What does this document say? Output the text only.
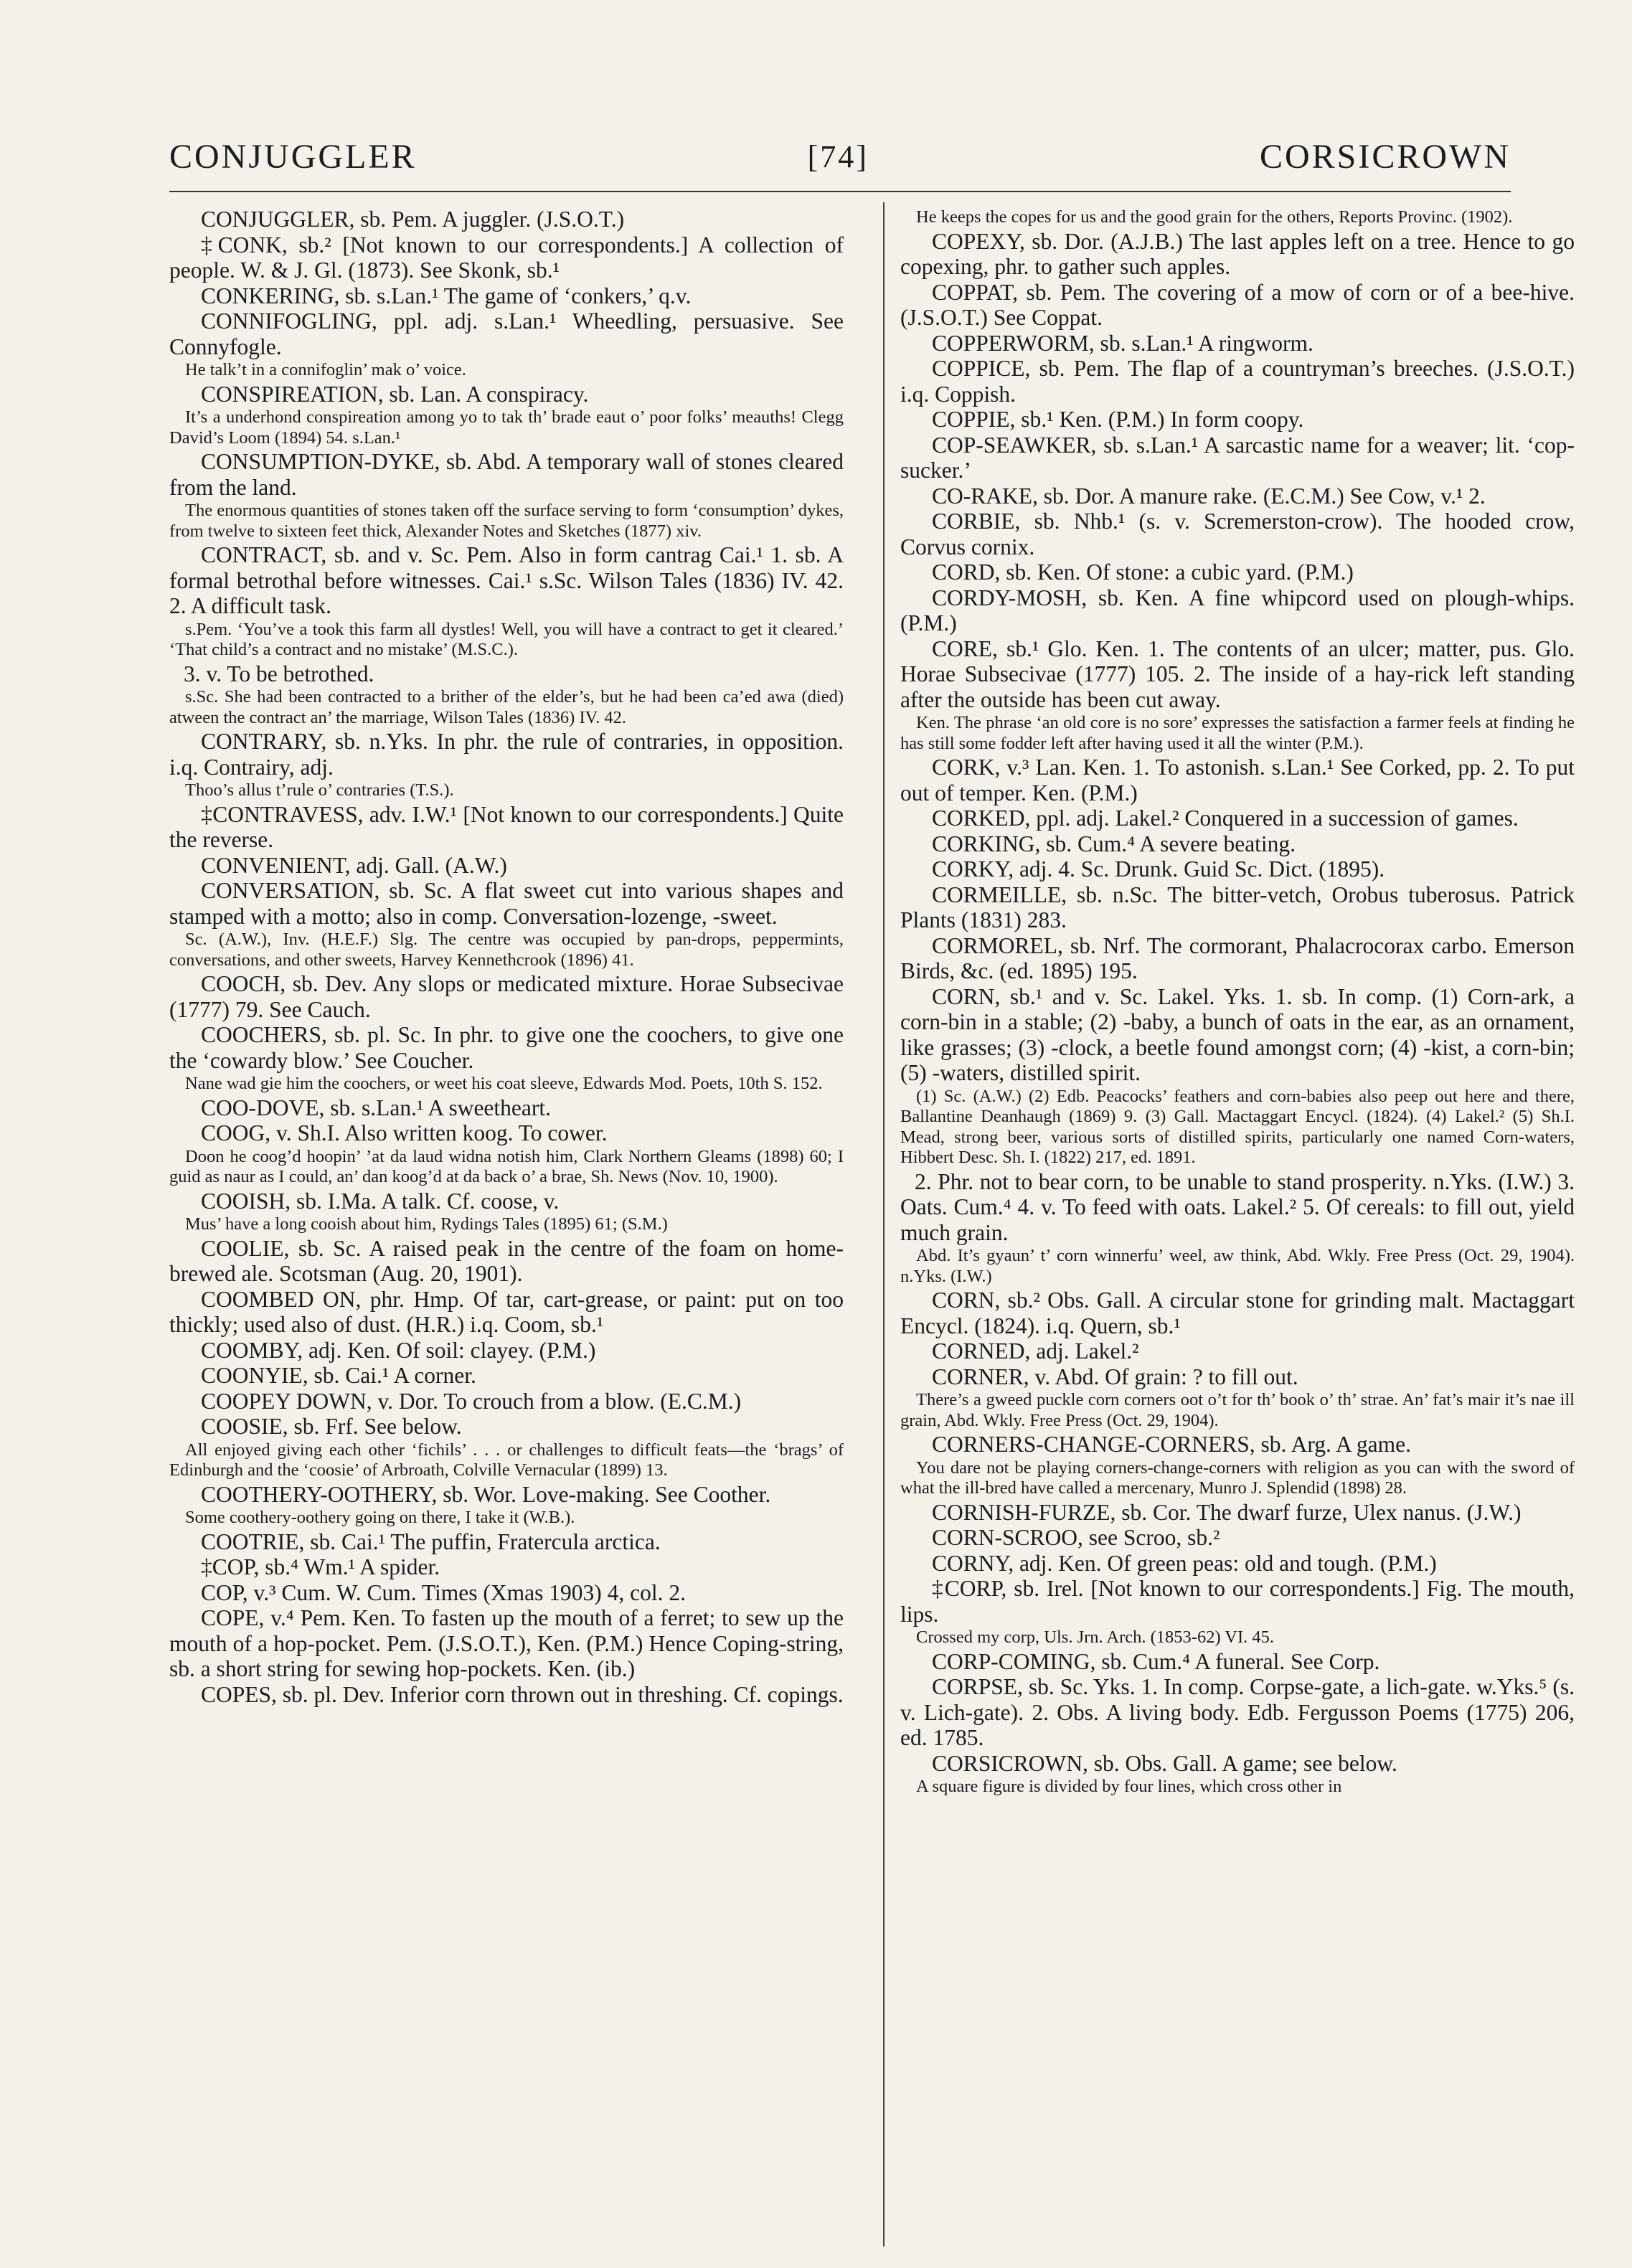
CONJUGGLER	[74]	CORSICROWN

CONJUGGLER, sb. Pem. A juggler. (J.S.O.T.)

‡CONK, sb.² [Not known to our correspondents.] A collection of people. W. & J. Gl. (1873). See Skonk, sb.¹

CONKERING, sb. s.Lan.¹ The game of ‘conkers,’ q.v.

CONNIFOGLING, ppl. adj. s.Lan.¹ Wheedling, persuasive. See Connyfogle.

He talk’t in a connifoglin’ mak o’ voice.

CONSPIREATION, sb. Lan. A conspiracy.

It’s a underhond conspireation among yo to tak th’ brade eaut o’ poor folks’ meauths! Clegg David’s Loom (1894) 54. s.Lan.¹

CONSUMPTION-DYKE, sb. Abd. A temporary wall of stones cleared from the land.

The enormous quantities of stones taken off the surface serving to form ‘consumption’ dykes, from twelve to sixteen feet thick, Alexander Notes and Sketches (1877) xiv.

CONTRACT, sb. and v. Sc. Pem. Also in form cantrag Cai.¹ 1. sb. A formal betrothal before witnesses. Cai.¹ s.Sc. Wilson Tales (1836) IV. 42. 2. A difficult task.

s.Pem. ‘You’ve a took this farm all dystles! Well, you will have a contract to get it cleared.’ ‘That child’s a contract and no mistake’ (M.S.C.).

3. v. To be betrothed.

s.Sc. She had been contracted to a brither of the elder’s, but he had been ca’ed awa (died) atween the contract an’ the marriage, Wilson Tales (1836) IV. 42.

CONTRARY, sb. n.Yks. In phr. the rule of contraries, in opposition. i.q. Contrairy, adj.

Thoo’s allus t’rule o’ contraries (T.S.).

‡CONTRAVESS, adv. I.W.¹ [Not known to our correspondents.] Quite the reverse.

CONVENIENT, adj. Gall. (A.W.)

CONVERSATION, sb. Sc. A flat sweet cut into various shapes and stamped with a motto; also in comp. Conversation-lozenge, -sweet.

Sc. (A.W.), Inv. (H.E.F.) Slg. The centre was occupied by pan-drops, peppermints, conversations, and other sweets, Harvey Kennethcrook (1896) 41.

COOCH, sb. Dev. Any slops or medicated mixture. Horae Subsecivae (1777) 79. See Cauch.

COOCHERS, sb. pl. Sc. In phr. to give one the coochers, to give one the ‘cowardy blow.’ See Coucher.

Nane wad gie him the coochers, or weet his coat sleeve, Edwards Mod. Poets, 10th S. 152.

COO-DOVE, sb. s.Lan.¹ A sweetheart.

COOG, v. Sh.I. Also written koog. To cower.

Doon he coog’d hoopin’ ’at da laud widna notish him, Clark Northern Gleams (1898) 60; I guid as naur as I could, an’ dan koog’d at da back o’ a brae, Sh. News (Nov. 10, 1900).

COOISH, sb. I.Ma. A talk. Cf. coose, v.

Mus’ have a long cooish about him, Rydings Tales (1895) 61; (S.M.)

COOLIE, sb. Sc. A raised peak in the centre of the foam on home-brewed ale. Scotsman (Aug. 20, 1901).

COOMBED ON, phr. Hmp. Of tar, cart-grease, or paint: put on too thickly; used also of dust. (H.R.) i.q. Coom, sb.¹

COOMBY, adj. Ken. Of soil: clayey. (P.M.)

COONYIE, sb. Cai.¹ A corner.

COOPEY DOWN, v. Dor. To crouch from a blow. (E.C.M.)

COOSIE, sb. Frf. See below.

All enjoyed giving each other ‘fichils’ . . . or challenges to difficult feats—the ‘brags’ of Edinburgh and the ‘coosie’ of Arbroath, Colville Vernacular (1899) 13.

COOTHERY-OOTHERY, sb. Wor. Love-making. See Coother.

Some coothery-oothery going on there, I take it (W.B.).

COOTRIE, sb. Cai.¹ The puffin, Fratercula arctica.

‡COP, sb.⁴ Wm.¹ A spider.

COP, v.³ Cum. W. Cum. Times (Xmas 1903) 4, col. 2.

COPE, v.⁴ Pem. Ken. To fasten up the mouth of a ferret; to sew up the mouth of a hop-pocket. Pem. (J.S.O.T.), Ken. (P.M.) Hence Coping-string, sb. a short string for sewing hop-pockets. Ken. (ib.)

COPES, sb. pl. Dev. Inferior corn thrown out in threshing. Cf. copings.

He keeps the copes for us and the good grain for the others, Reports Provinc. (1902).

COPEXY, sb. Dor. (A.J.B.) The last apples left on a tree. Hence to go copexing, phr. to gather such apples.

COPPAT, sb. Pem. The covering of a mow of corn or of a bee-hive. (J.S.O.T.) See Coppat.

COPPERWORM, sb. s.Lan.¹ A ringworm.

COPPICE, sb. Pem. The flap of a countryman’s breeches. (J.S.O.T.) i.q. Coppish.

COPPIE, sb.¹ Ken. (P.M.) In form coopy.

COP-SEAWKER, sb. s.Lan.¹ A sarcastic name for a weaver; lit. ‘cop-sucker.’

CO-RAKE, sb. Dor. A manure rake. (E.C.M.) See Cow, v.¹ 2.

CORBIE, sb. Nhb.¹ (s. v. Scremerston-crow). The hooded crow, Corvus cornix.

CORD, sb. Ken. Of stone: a cubic yard. (P.M.)

CORDY-MOSH, sb. Ken. A fine whipcord used on plough-whips. (P.M.)

CORE, sb.¹ Glo. Ken. 1. The contents of an ulcer; matter, pus. Glo. Horae Subsecivae (1777) 105. 2. The inside of a hay-rick left standing after the outside has been cut away.

Ken. The phrase ‘an old core is no sore’ expresses the satisfaction a farmer feels at finding he has still some fodder left after having used it all the winter (P.M.).

CORK, v.³ Lan. Ken. 1. To astonish. s.Lan.¹ See Corked, pp. 2. To put out of temper. Ken. (P.M.)

CORKED, ppl. adj. Lakel.² Conquered in a succession of games.

CORKING, sb. Cum.⁴ A severe beating.

CORKY, adj. 4. Sc. Drunk. Guid Sc. Dict. (1895).

CORMEILLE, sb. n.Sc. The bitter-vetch, Orobus tuberosus. Patrick Plants (1831) 283.

CORMOREL, sb. Nrf. The cormorant, Phalacrocorax carbo. Emerson Birds, &c. (ed. 1895) 195.

CORN, sb.¹ and v. Sc. Lakel. Yks. 1. sb. In comp. (1) Corn-ark, a corn-bin in a stable; (2) -baby, a bunch of oats in the ear, as an ornament, like grasses; (3) -clock, a beetle found amongst corn; (4) -kist, a corn-bin; (5) -waters, distilled spirit.

(1) Sc. (A.W.) (2) Edb. Peacocks’ feathers and corn-babies also peep out here and there, Ballantine Deanhaugh (1869) 9. (3) Gall. Mactaggart Encycl. (1824). (4) Lakel.² (5) Sh.I. Mead, strong beer, various sorts of distilled spirits, particularly one named Corn-waters, Hibbert Desc. Sh. I. (1822) 217, ed. 1891.

2. Phr. not to bear corn, to be unable to stand prosperity. n.Yks. (I.W.) 3. Oats. Cum.⁴ 4. v. To feed with oats. Lakel.² 5. Of cereals: to fill out, yield much grain.

Abd. It’s gyaun’ t’ corn winnerfu’ weel, aw think, Abd. Wkly. Free Press (Oct. 29, 1904). n.Yks. (I.W.)

CORN, sb.² Obs. Gall. A circular stone for grinding malt. Mactaggart Encycl. (1824). i.q. Quern, sb.¹

CORNED, adj. Lakel.²

CORNER, v. Abd. Of grain: ? to fill out.

There’s a gweed puckle corn corners oot o’t for th’ book o’ th’ strae. An’ fat’s mair it’s nae ill grain, Abd. Wkly. Free Press (Oct. 29, 1904).

CORNERS-CHANGE-CORNERS, sb. Arg. A game.

You dare not be playing corners-change-corners with religion as you can with the sword of what the ill-bred have called a mercenary, Munro J. Splendid (1898) 28.

CORNISH-FURZE, sb. Cor. The dwarf furze, Ulex nanus. (J.W.)

CORN-SCROO, see Scroo, sb.²

CORNY, adj. Ken. Of green peas: old and tough. (P.M.)

‡CORP, sb. Irel. [Not known to our correspondents.] Fig. The mouth, lips.

Crossed my corp, Uls. Jrn. Arch. (1853-62) VI. 45.

CORP-COMING, sb. Cum.⁴ A funeral. See Corp.

CORPSE, sb. Sc. Yks. 1. In comp. Corpse-gate, a lich-gate. w.Yks.⁵ (s. v. Lich-gate). 2. Obs. A living body. Edb. Fergusson Poems (1775) 206, ed. 1785.

CORSICROWN, sb. Obs. Gall. A game; see below.

A square figure is divided by four lines, which cross other in
